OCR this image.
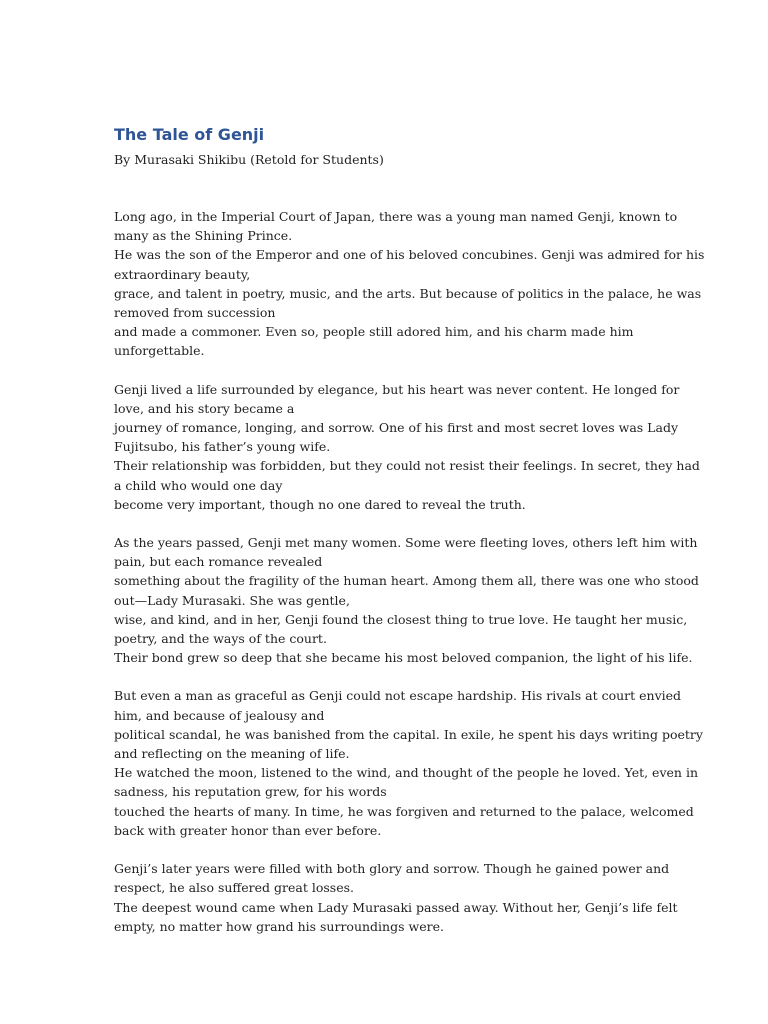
The Tale of Genji

By Murasaki Shikibu (Retold for Students)

Long ago, in the Imperial Court of Japan, there was a young man named Genji, known to
many as the Shining Prince.
He was the son of the Emperor and one of his beloved concubines. Genji was admired for his
extraordinary beauty,
grace, and talent in poetry, music, and the arts. But because of politics in the palace, he was
removed from succession
and made a commoner. Even so, people still adored him, and his charm made him
unforgettable.
Genji lived a life surrounded by elegance, but his heart was never content. He longed for
love, and his story became a
journey of romance, longing, and sorrow. One of his first and most secret loves was Lady
Fujitsubo, his father’s young wife.
Their relationship was forbidden, but they could not resist their feelings. In secret, they had
a child who would one day
become very important, though no one dared to reveal the truth.
As the years passed, Genji met many women. Some were fleeting loves, others left him with
pain, but each romance revealed
something about the fragility of the human heart. Among them all, there was one who stood
out—Lady Murasaki. She was gentle,
wise, and kind, and in her, Genji found the closest thing to true love. He taught her music,
poetry, and the ways of the court.
Their bond grew so deep that she became his most beloved companion, the light of his life.
But even a man as graceful as Genji could not escape hardship. His rivals at court envied
him, and because of jealousy and
political scandal, he was banished from the capital. In exile, he spent his days writing poetry
and reflecting on the meaning of life.
He watched the moon, listened to the wind, and thought of the people he loved. Yet, even in
sadness, his reputation grew, for his words
touched the hearts of many. In time, he was forgiven and returned to the palace, welcomed
back with greater honor than ever before.
Genji’s later years were filled with both glory and sorrow. Though he gained power and
respect, he also suffered great losses.
The deepest wound came when Lady Murasaki passed away. Without her, Genji’s life felt
empty, no matter how grand his surroundings were.
